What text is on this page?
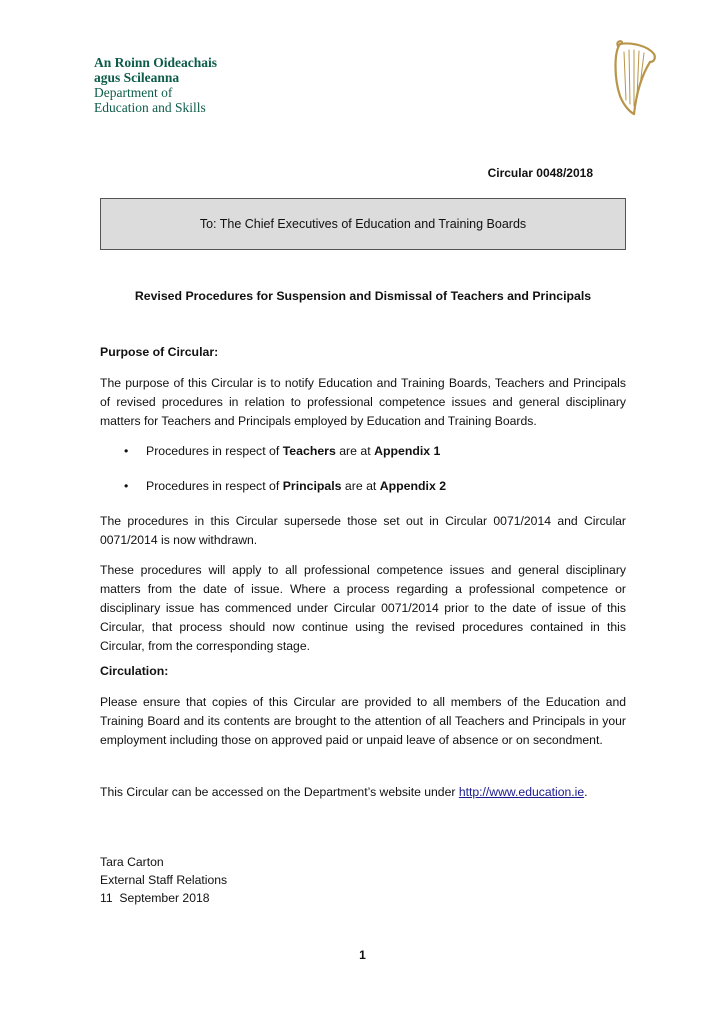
An Roinn Oideachais
agus Scileanna
Department of
Education and Skills
Circular 0048/2018
To: The Chief Executives of Education and Training Boards
Revised Procedures for Suspension and Dismissal of Teachers and Principals
Purpose of Circular:

The purpose of this Circular is to notify Education and Training Boards, Teachers and Principals of revised procedures in relation to professional competence issues and general disciplinary matters for Teachers and Principals employed by Education and Training Boards.

• Procedures in respect of Teachers are at Appendix 1
• Procedures in respect of Principals are at Appendix 2

The procedures in this Circular supersede those set out in Circular 0071/2014 and Circular 0071/2014 is now withdrawn.

These procedures will apply to all professional competence issues and general disciplinary matters from the date of issue. Where a process regarding a professional competence or disciplinary issue has commenced under Circular 0071/2014 prior to the date of issue of this Circular, that process should now continue using the revised procedures contained in this Circular, from the corresponding stage.

Circulation:

Please ensure that copies of this Circular are provided to all members of the Education and Training Board and its contents are brought to the attention of all Teachers and Principals in your employment including those on approved paid or unpaid leave of absence or on secondment.

This Circular can be accessed on the Department’s website under http://www.education.ie.
Tara Carton
External Staff Relations
11  September 2018
1
